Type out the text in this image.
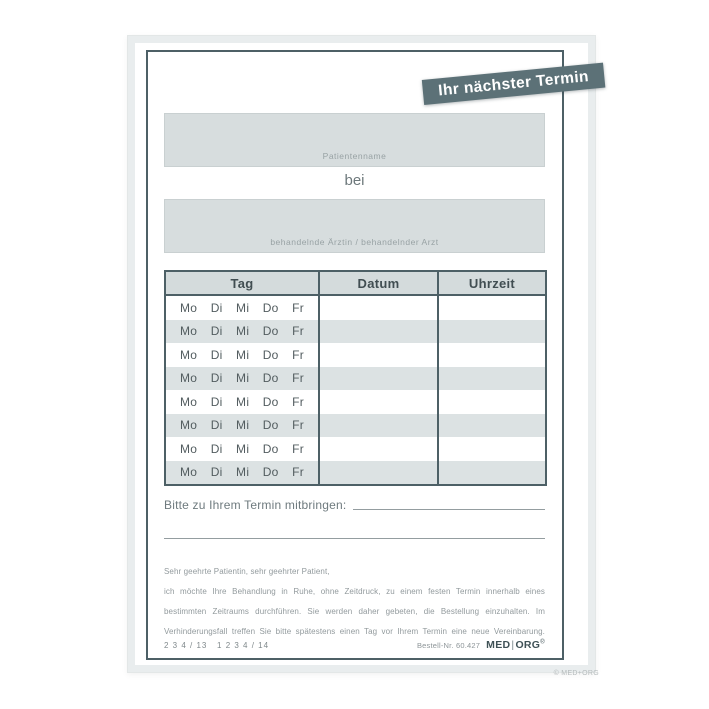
Ihr nächster Termin
Patientenname
bei
behandelnde Ärztin / behandelnder Arzt
Tag	Datum	Uhrzeit

Mo Di Mi Do Fr		

Mo Di Mi Do Fr		

Mo Di Mi Do Fr		

Mo Di Mi Do Fr		

Mo Di Mi Do Fr		

Mo Di Mi Do Fr		

Mo Di Mi Do Fr		

Mo Di Mi Do Fr		

Bitte zu Ihrem Termin mitbringen:
Sehr geehrte Patientin, sehr geehrter Patient,
ich möchte Ihre Behandlung in Ruhe, ohne Zeitdruck, zu einem festen Termin innerhalb eines
bestimmten Zeitraums durchführen. Sie werden daher gebeten, die Bestellung einzuhalten. Im
Verhinderungsfall treffen Sie bitte spätestens einen Tag vor Ihrem Termin eine neue Vereinbarung.
2 3 4 / 13   1 2 3 4 / 14	Bestell-Nr. 60.427 MED|ORG®
© MED+ORG
